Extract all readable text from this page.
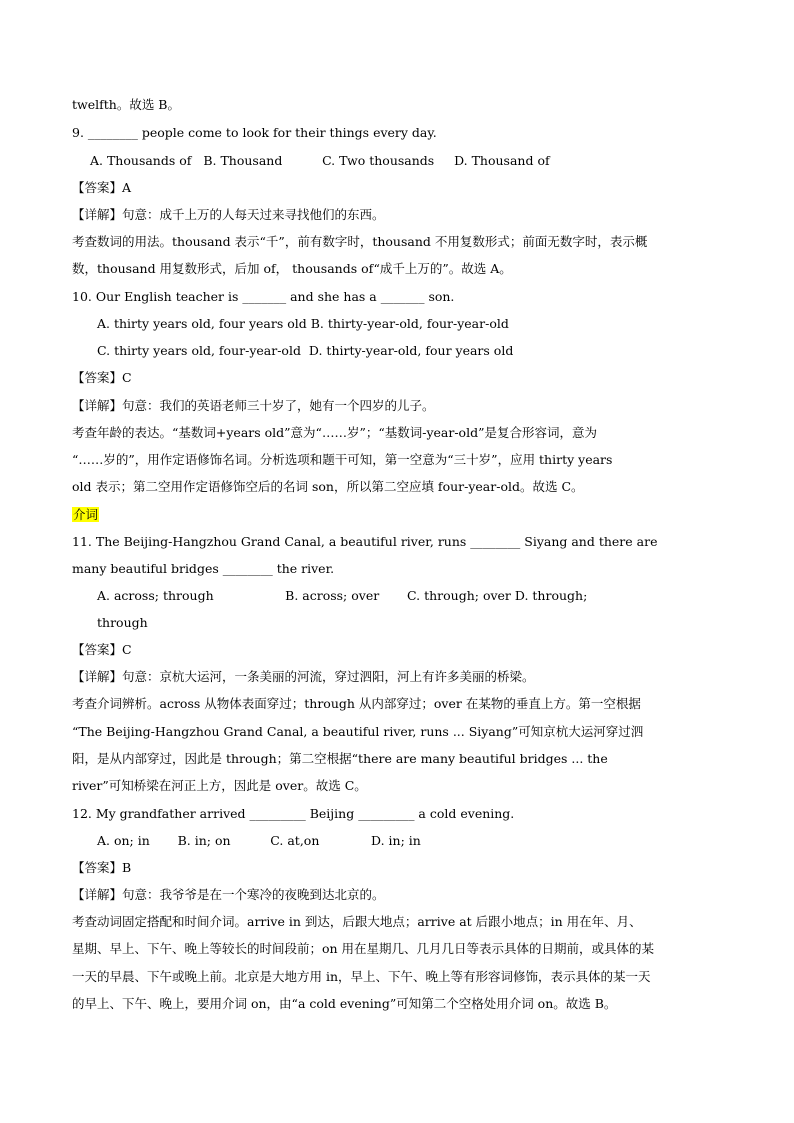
twelfth。故选 B。
9. ________ people come to look for their things every day.
A. Thousands of   B. Thousand          C. Two thousands     D. Thousand of
【答案】A
【详解】句意：成千上万的人每天过来寻找他们的东西。
考查数词的用法。thousand 表示“千”，前有数字时，thousand 不用复数形式；前面无数字时，表示概
数，thousand 用复数形式，后加 of， thousands of“成千上万的”。故选 A。
10. Our English teacher is _______ and she has a _______ son.
A. thirty years old, four years old B. thirty-year-old, four-year-old
C. thirty years old, four-year-old  D. thirty-year-old, four years old
【答案】C
【详解】句意：我们的英语老师三十岁了，她有一个四岁的儿子。
考查年龄的表达。“基数词+years old”意为“……岁”；“基数词-year-old”是复合形容词，意为
“……岁的”，用作定语修饰名词。分析选项和题干可知，第一空意为“三十岁”，应用 thirty years
old 表示；第二空用作定语修饰空后的名词 son，所以第二空应填 four-year-old。故选 C。
介词
11. The Beijing-Hangzhou Grand Canal, a beautiful river, runs ________ Siyang and there are
many beautiful bridges ________ the river.
A. across; through                  B. across; over       C. through; over D. through;
through
【答案】C
【详解】句意：京杭大运河，一条美丽的河流，穿过泗阳，河上有许多美丽的桥梁。
考查介词辨析。across 从物体表面穿过；through 从内部穿过；over 在某物的垂直上方。第一空根据
“The Beijing-Hangzhou Grand Canal, a beautiful river, runs ... Siyang”可知京杭大运河穿过泗
阳，是从内部穿过，因此是 through；第二空根据“there are many beautiful bridges ... the
river”可知桥梁在河正上方，因此是 over。故选 C。
12. My grandfather arrived _________ Beijing _________ a cold evening.
A. on; in       B. in; on          C. at,on             D. in; in
【答案】B
【详解】句意：我爷爷是在一个寒冷的夜晚到达北京的。
考查动词固定搭配和时间介词。arrive in 到达，后跟大地点；arrive at 后跟小地点；in 用在年、月、
星期、早上、下午、晚上等较长的时间段前；on 用在星期几、几月几日等表示具体的日期前，或具体的某
一天的早晨、下午或晚上前。北京是大地方用 in，早上、下午、晚上等有形容词修饰，表示具体的某一天
的早上、下午、晚上，要用介词 on，由“a cold evening”可知第二个空格处用介词 on。故选 B。
